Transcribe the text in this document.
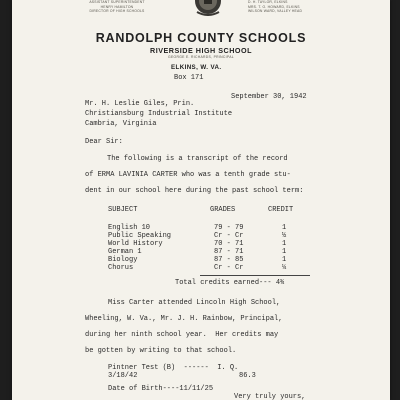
ASSISTANT SUPERINTENDENT
HENRY HAMILTON
DIRECTOR OF HIGH SCHOOLS
D. H. TAYLOR, ELKINS
MRS. T. O. HOWARD, ELKINS
WILSON WARD, VALLEY HEAD
RANDOLPH COUNTY SCHOOLS
RIVERSIDE HIGH SCHOOL
GEORGE E. RICHARDS, PRINCIPAL
ELKINS, W. VA.
Box 171
September 30, 1942
Mr. H. Leslie Giles, Prin.
Christiansburg Industrial Institute
Cambria, Virginia
Dear Sir:
The following is a transcript of the record
of ERMA LAVINIA CARTER who was a tenth grade stu-
dent in our school here during the past school term:
SUBJECT	GRADES	CREDIT
English 10	79 - 79	1
Public Speaking	Cr - Cr	½
World History	70 - 71	1
German 1	87 - 71	1
Biology	87 - 85	1
Chorus	Cr - Cr	¼
Total credits earned--- 4¾
Miss Carter attended Lincoln High School,
Wheeling, W. Va., Mr. J. H. Rainbow, Principal,
during her ninth school year.  Her credits may
be gotten by writing to that school.
Pintner Test (B)  ------  I. Q.
3/18/42	86.3
Date of Birth----11/11/25
Very truly yours,
